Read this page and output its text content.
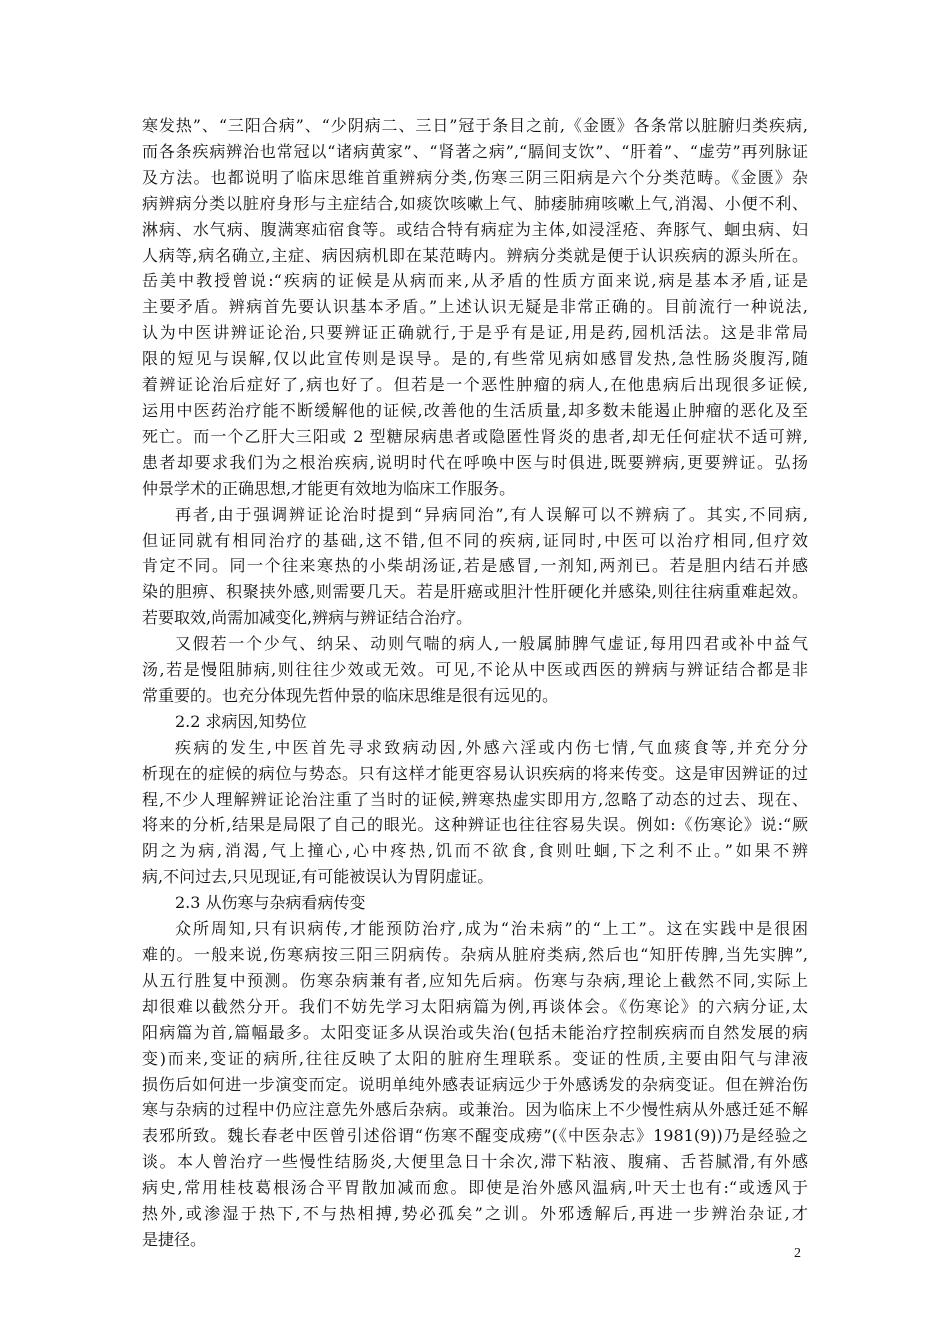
寒发热”、“三阳合病”、“少阴病二、三日”冠于条目之前,《金匮》各条常以脏腑归类疾病,
而各条疾病辨治也常冠以“诸病黄家”、“肾著之病”,“膈间支饮”、“肝着”、“虚劳”再列脉证
及方法。也都说明了临床思维首重辨病分类,伤寒三阴三阳病是六个分类范畴。《金匮》杂
病辨病分类以脏府身形与主症结合,如痰饮咳嗽上气、肺痿肺痈咳嗽上气,消渴、小便不利、
淋病、水气病、腹满寒疝宿食等。或结合特有病症为主体,如浸淫疮、奔豚气、蛔虫病、妇
人病等,病名确立,主症、病因病机即在某范畴内。辨病分类就是便于认识疾病的源头所在。
岳美中教授曾说:“疾病的证候是从病而来,从矛盾的性质方面来说,病是基本矛盾,证是
主要矛盾。辨病首先要认识基本矛盾。”上述认识无疑是非常正确的。目前流行一种说法,
认为中医讲辨证论治,只要辨证正确就行,于是乎有是证,用是药,园机活法。这是非常局
限的短见与误解,仅以此宣传则是误导。是的,有些常见病如感冒发热,急性肠炎腹泻,随
着辨证论治后症好了,病也好了。但若是一个恶性肿瘤的病人,在他患病后出现很多证候,
运用中医药治疗能不断缓解他的证候,改善他的生活质量,却多数未能遏止肿瘤的恶化及至
死亡。而一个乙肝大三阳或 2 型糖尿病患者或隐匿性肾炎的患者,却无任何症状不适可辨,
患者却要求我们为之根治疾病,说明时代在呼唤中医与时俱进,既要辨病,更要辨证。弘扬
仲景学术的正确思想,才能更有效地为临床工作服务。
再者,由于强调辨证论治时提到“异病同治”,有人误解可以不辨病了。其实,不同病,
但证同就有相同治疗的基础,这不错,但不同的疾病,证同时,中医可以治疗相同,但疗效
肯定不同。同一个往来寒热的小柴胡汤证,若是感冒,一剂知,两剂已。若是胆内结石并感
染的胆痹、积聚挟外感,则需要几天。若是肝癌或胆汁性肝硬化并感染,则往往病重难起效。
若要取效,尚需加减变化,辨病与辨证结合治疗。
又假若一个少气、纳呆、动则气喘的病人,一般属肺脾气虚证,每用四君或补中益气
汤,若是慢阻肺病,则往往少效或无效。可见,不论从中医或西医的辨病与辨证结合都是非
常重要的。也充分体现先哲仲景的临床思维是很有远见的。
2.2 求病因,知势位
疾病的发生,中医首先寻求致病动因,外感六淫或内伤七情,气血痰食等,并充分分
析现在的症候的病位与势态。只有这样才能更容易认识疾病的将来传变。这是审因辨证的过
程,不少人理解辨证论治注重了当时的证候,辨寒热虚实即用方,忽略了动态的过去、现在、
将来的分析,结果是局限了自己的眼光。这种辨证也往往容易失误。例如:《伤寒论》说:“厥
阴之为病,消渴,气上撞心,心中疼热,饥而不欲食,食则吐蛔,下之利不止。”如果不辨
病,不问过去,只见现证,有可能被误认为胃阴虚证。
2.3 从伤寒与杂病看病传变
众所周知,只有识病传,才能预防治疗,成为“治未病”的“上工”。这在实践中是很困
难的。一般来说,伤寒病按三阳三阴病传。杂病从脏府类病,然后也“知肝传脾,当先实脾”,
从五行胜复中预测。伤寒杂病兼有者,应知先后病。伤寒与杂病,理论上截然不同,实际上
却很难以截然分开。我们不妨先学习太阳病篇为例,再谈体会。《伤寒论》的六病分证,太
阳病篇为首,篇幅最多。太阳变证多从误治或失治(包括未能治疗控制疾病而自然发展的病
变)而来,变证的病所,往往反映了太阳的脏府生理联系。变证的性质,主要由阳气与津液
损伤后如何进一步演变而定。说明单纯外感表证病远少于外感诱发的杂病变证。但在辨治伤
寒与杂病的过程中仍应注意先外感后杂病。或兼治。因为临床上不少慢性病从外感迁延不解
表邪所致。魏长春老中医曾引述俗谓“伤寒不醒变成痨”(《中医杂志》1981(9))乃是经验之
谈。本人曾治疗一些慢性结肠炎,大便里急日十余次,滞下粘液、腹痛、舌苔腻滑,有外感
病史,常用桂枝葛根汤合平胃散加减而愈。即使是治外感风温病,叶天士也有:“或透风于
热外,或渗湿于热下,不与热相搏,势必孤矣”之训。外邪透解后,再进一步辨治杂证,才
是捷径。
2
